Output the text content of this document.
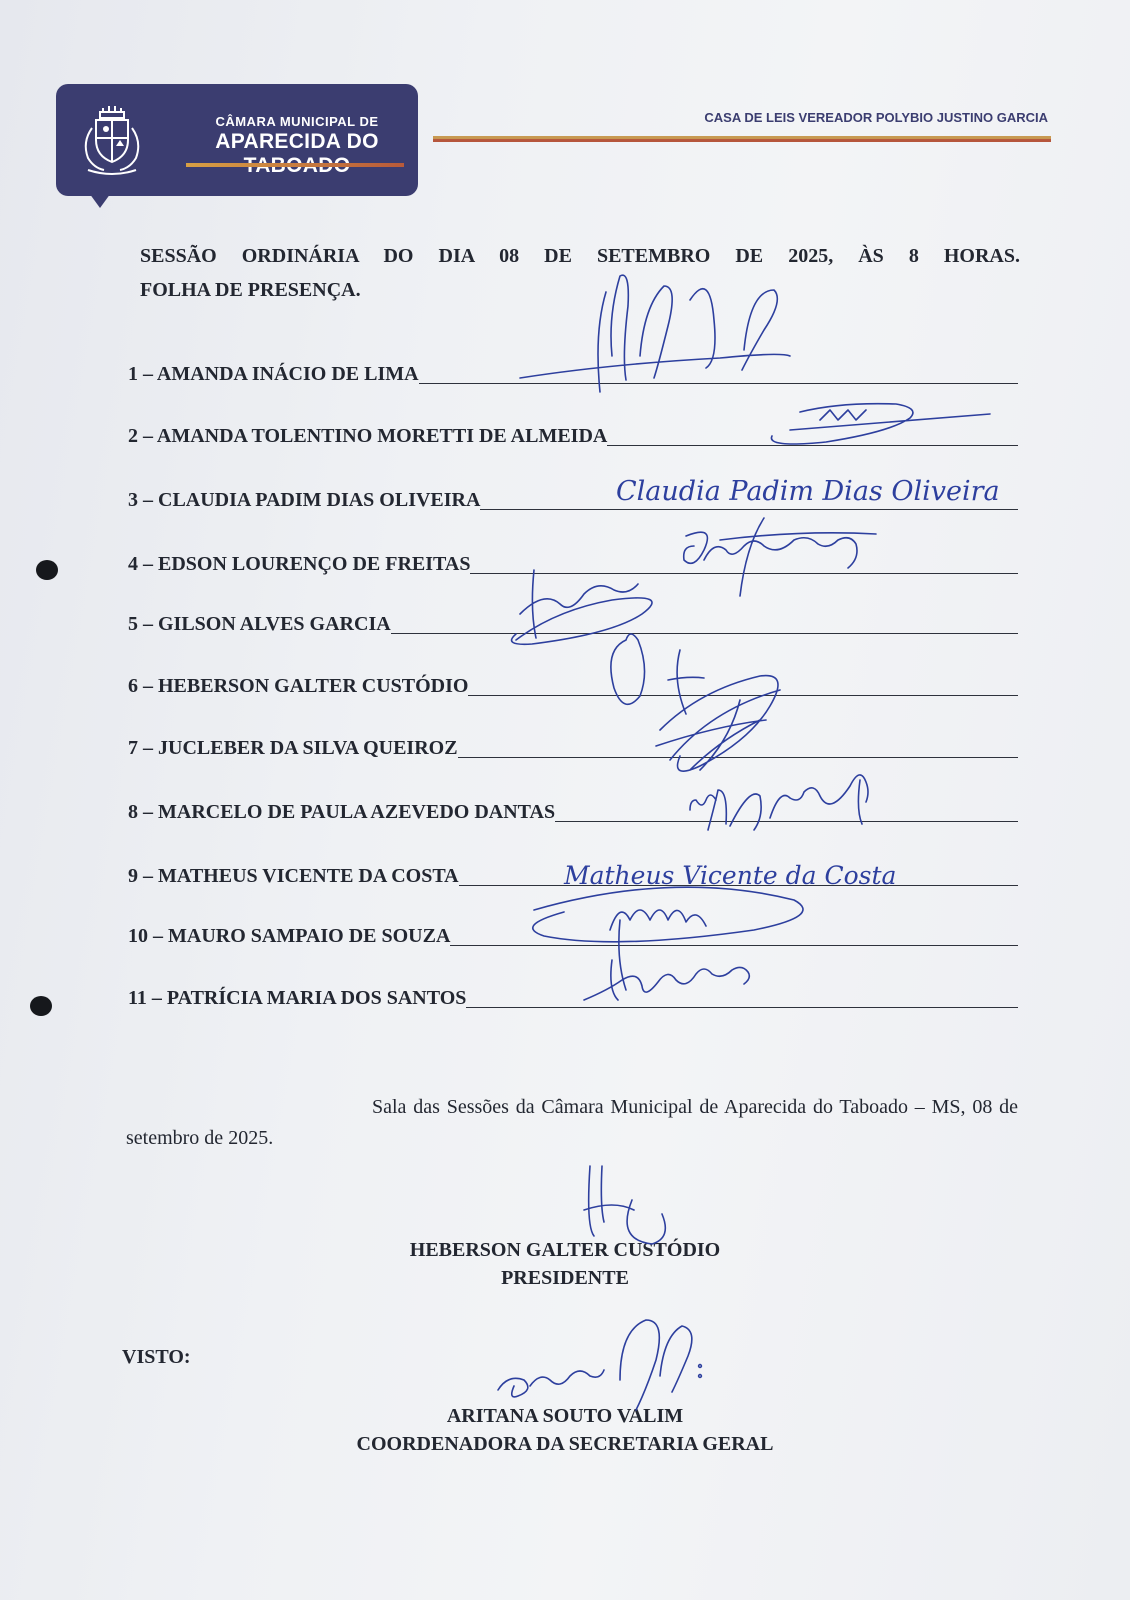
CÂMARA MUNICIPAL DE
APARECIDA DO
CASA DE LEIS VEREADOR POLYBIO JUSTINO GARCIA
SESSÃO ORDINÁRIA DO DIA 08 DE SETEMBRO DE 2025, ÀS 8 HORAS.
FOLHA DE PRESENÇA.
1 – AMANDA INÁCIO DE LIMA
2 – AMANDA TOLENTINO MORETTI DE ALMEIDA
3 – CLAUDIA PADIM DIAS OLIVEIRA
4 – EDSON LOURENÇO DE FREITAS
5 – GILSON ALVES GARCIA
6 – HEBERSON GALTER CUSTÓDIO
7 – JUCLEBER DA SILVA QUEIROZ
8 – MARCELO DE PAULA AZEVEDO DANTAS
9 – MATHEUS VICENTE DA COSTA
10 – MAURO SAMPAIO DE SOUZA
11 – PATRÍCIA MARIA DOS SANTOS
Sala das Sessões da Câmara Municipal de Aparecida do Taboado – MS, 08 de setembro de 2025.
HEBERSON GALTER CUSTÓDIO
PRESIDENTE
VISTO:
ARITANA SOUTO VALIM
COORDENADORA DA SECRETARIA GERAL
Claudia Padim Dias Oliveira
Matheus Vicente da Costa
